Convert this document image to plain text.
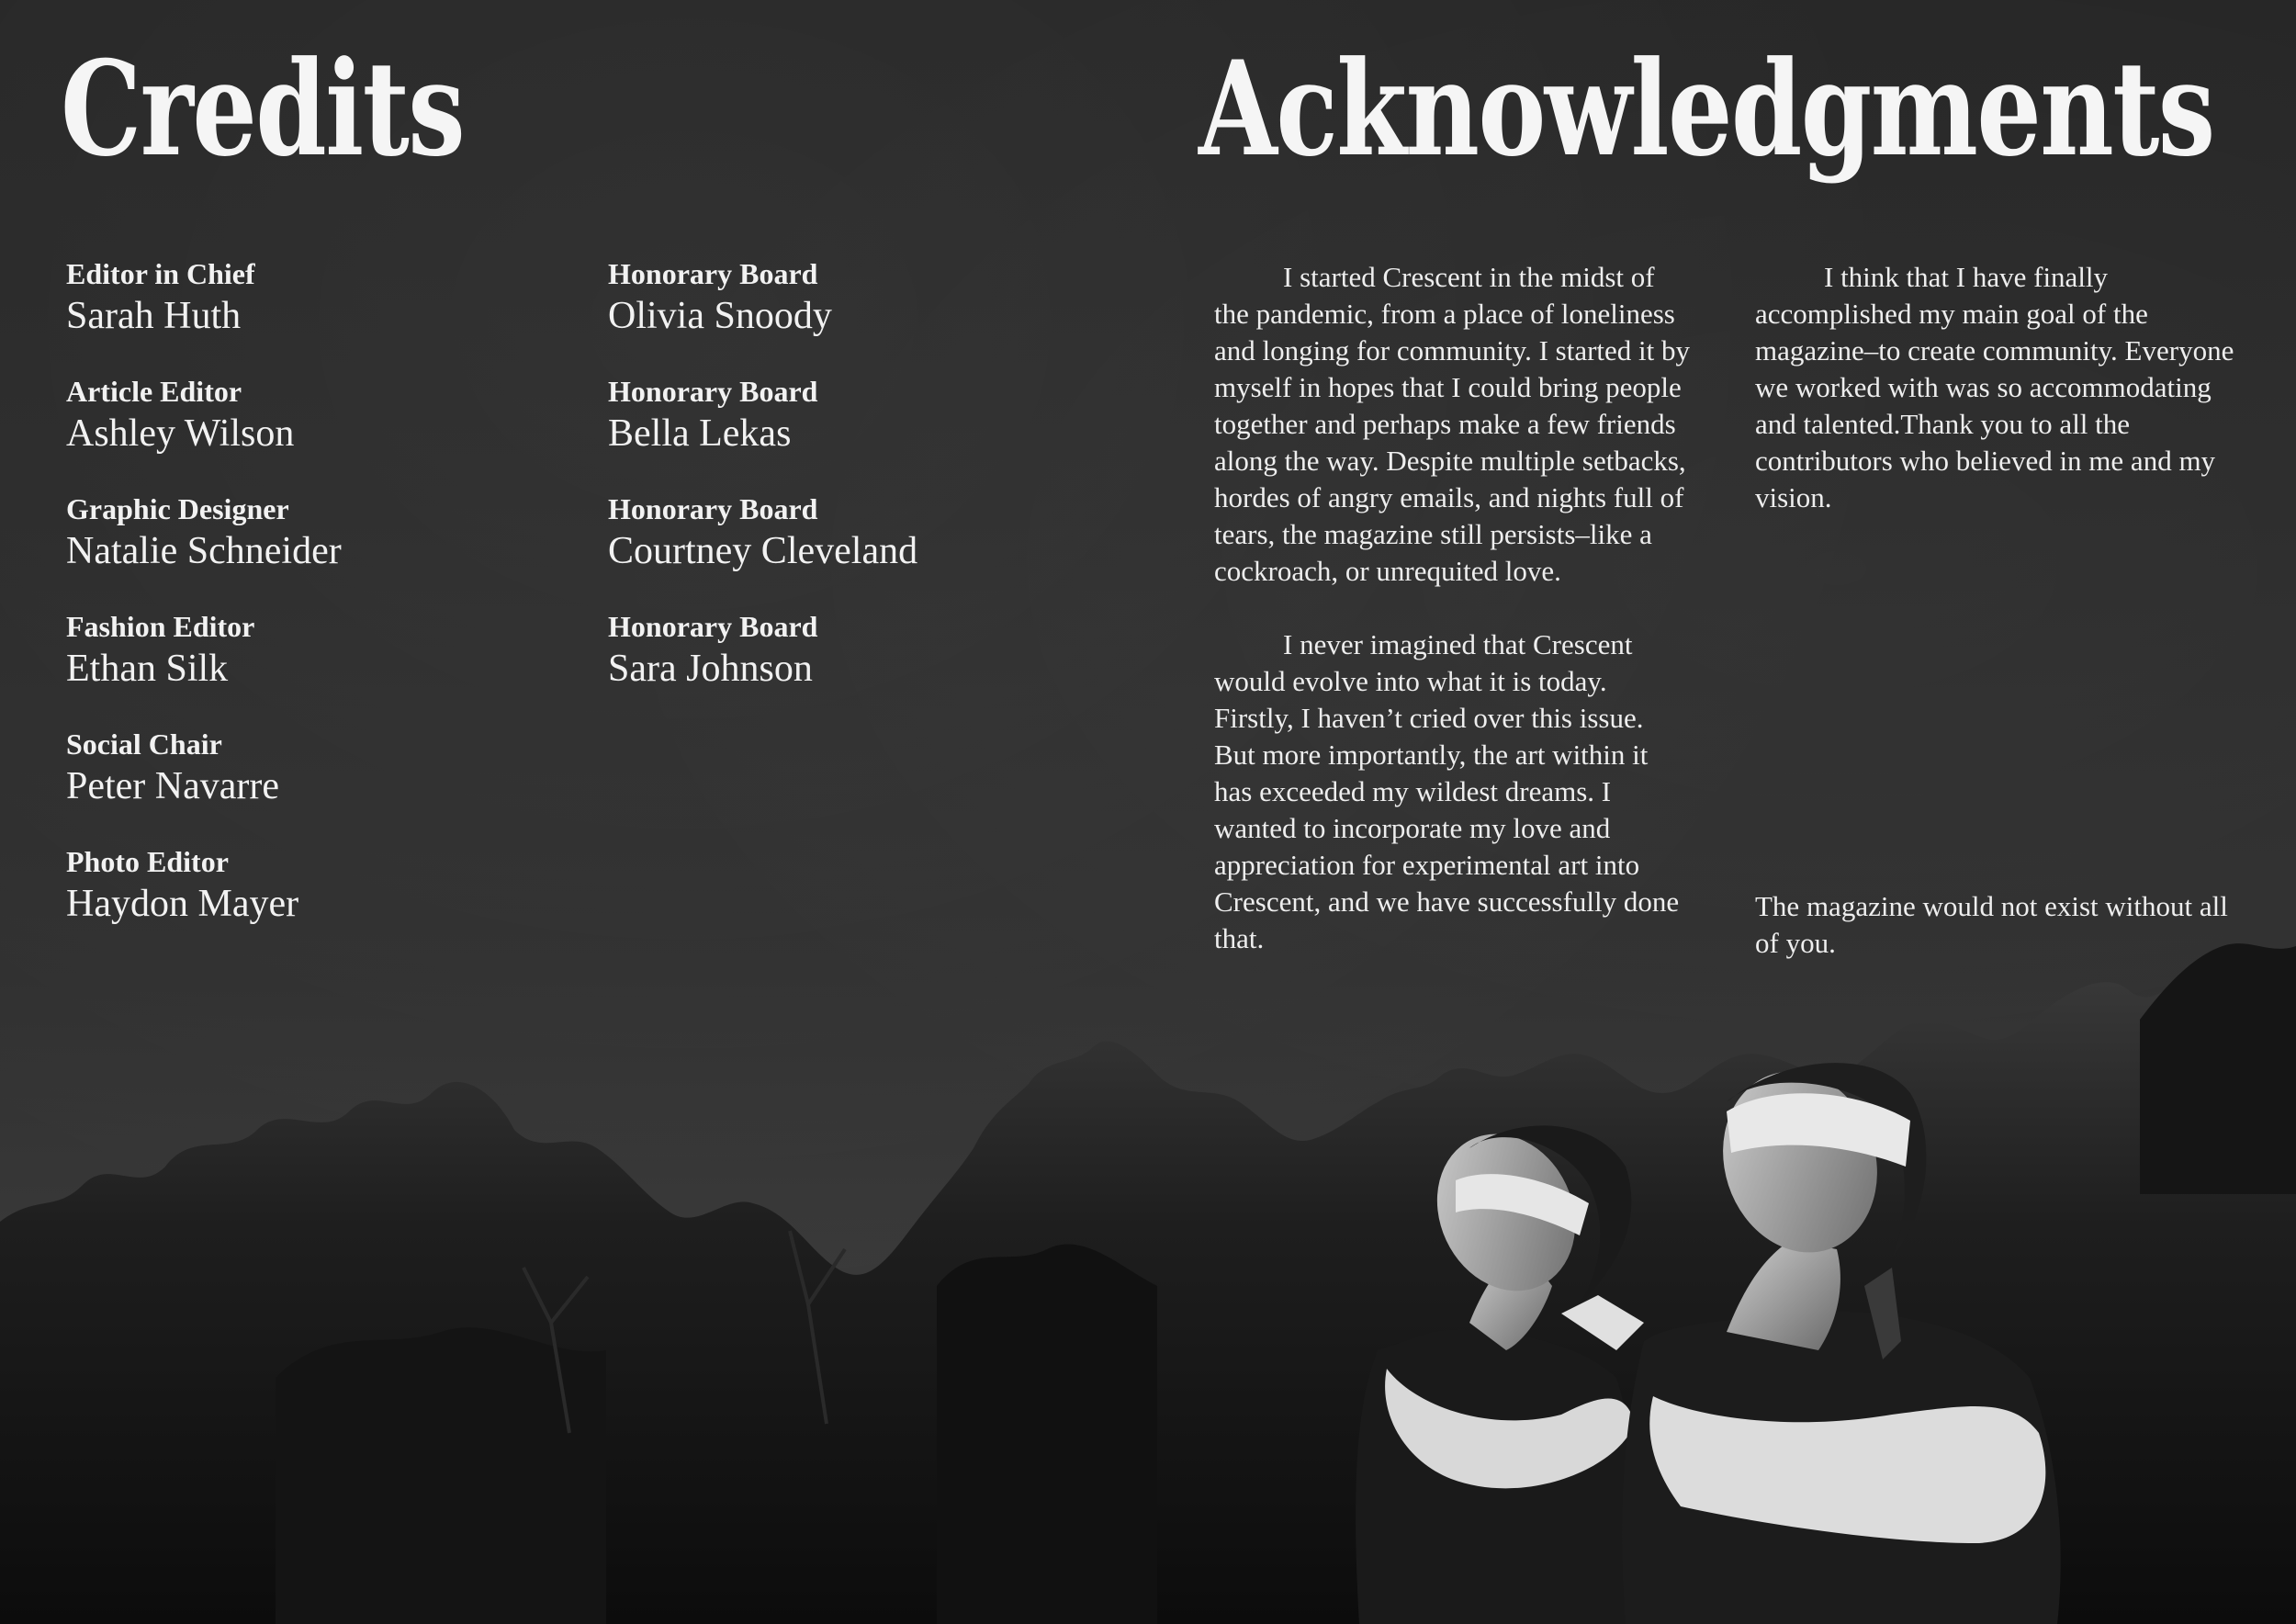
Credits	Acknowledgments
Editor in Chief
Sarah Huth
Article Editor
Ashley Wilson
Graphic Designer
Natalie Schneider
Fashion Editor
Ethan Silk
Social Chair
Peter Navarre
Photo Editor
Haydon Mayer
Honorary Board
Olivia Snoody
Honorary Board
Bella Lekas
Honorary Board
Courtney Cleveland
Honorary Board
Sara Johnson

I started Crescent in the midst of the pandemic, from a place of loneliness and longing for community. I started it by myself in hopes that I could bring people together and perhaps make a few friends along the way. Despite multiple setbacks, hordes of angry emails, and nights full of tears, the magazine still persists–like a cockroach, or unrequited love.

I never imagined that Crescent would evolve into what it is today. Firstly, I haven’t cried over this issue. But more importantly, the art within it has exceeded my wildest dreams. I wanted to incorporate my love and appreciation for experimental art into Crescent, and we have successfully done that.

I think that I have finally accomplished my main goal of the magazine–to create community. Everyone we worked with was so accommodating and talented.Thank you to all the contributors who believed in me and my vision.

The magazine would not exist without all of you.
